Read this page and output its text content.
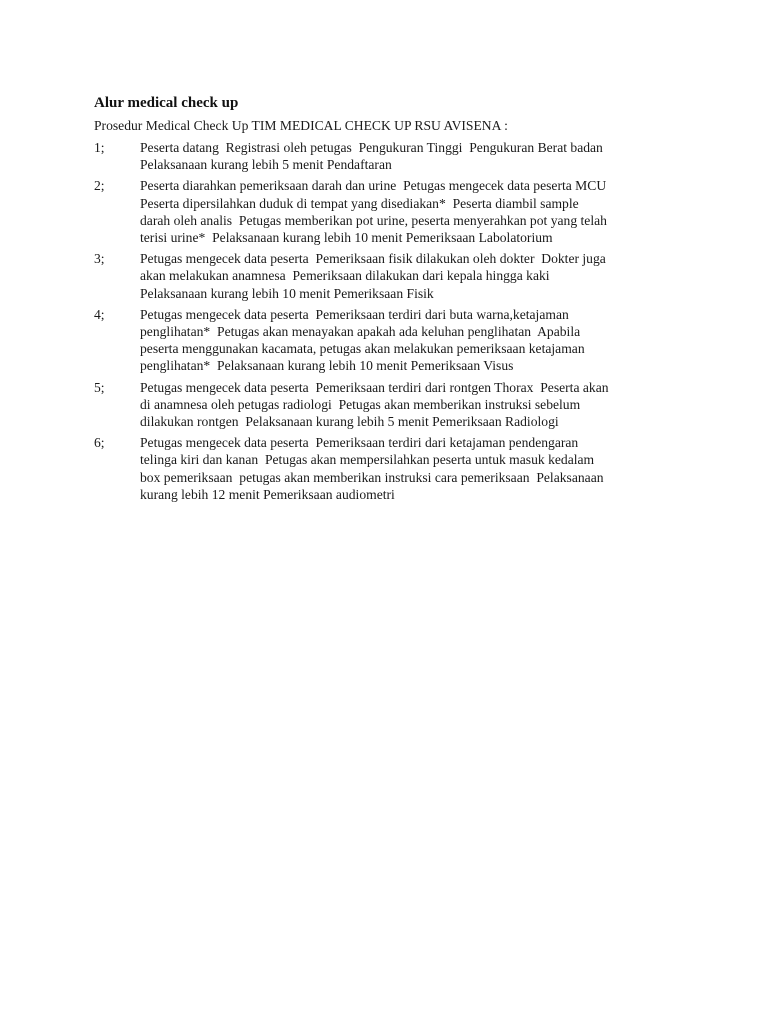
Alur medical check up

Prosedur Medical Check Up TIM MEDICAL CHECK UP RSU AVISENA :

1;	Peserta datang  Registrasi oleh petugas  Pengukuran Tinggi  Pengukuran Berat badan
Pelaksanaan kurang lebih 5 menit Pendaftaran
2;	Peserta diarahkan pemeriksaan darah dan urine  Petugas mengecek data peserta MCU
Peserta dipersilahkan duduk di tempat yang disediakan*  Peserta diambil sample
darah oleh analis  Petugas memberikan pot urine, peserta menyerahkan pot yang telah
terisi urine*  Pelaksanaan kurang lebih 10 menit Pemeriksaan Labolatorium
3;	Petugas mengecek data peserta  Pemeriksaan fisik dilakukan oleh dokter  Dokter juga
akan melakukan anamnesa  Pemeriksaan dilakukan dari kepala hingga kaki
Pelaksanaan kurang lebih 10 menit Pemeriksaan Fisik
4;	Petugas mengecek data peserta  Pemeriksaan terdiri dari buta warna,ketajaman
penglihatan*  Petugas akan menayakan apakah ada keluhan penglihatan  Apabila
peserta menggunakan kacamata, petugas akan melakukan pemeriksaan ketajaman
penglihatan*  Pelaksanaan kurang lebih 10 menit Pemeriksaan Visus
5;	Petugas mengecek data peserta  Pemeriksaan terdiri dari rontgen Thorax  Peserta akan
di anamnesa oleh petugas radiologi  Petugas akan memberikan instruksi sebelum
dilakukan rontgen  Pelaksanaan kurang lebih 5 menit Pemeriksaan Radiologi
6;	Petugas mengecek data peserta  Pemeriksaan terdiri dari ketajaman pendengaran
telinga kiri dan kanan  Petugas akan mempersilahkan peserta untuk masuk kedalam
box pemeriksaan  petugas akan memberikan instruksi cara pemeriksaan  Pelaksanaan
kurang lebih 12 menit Pemeriksaan audiometri
